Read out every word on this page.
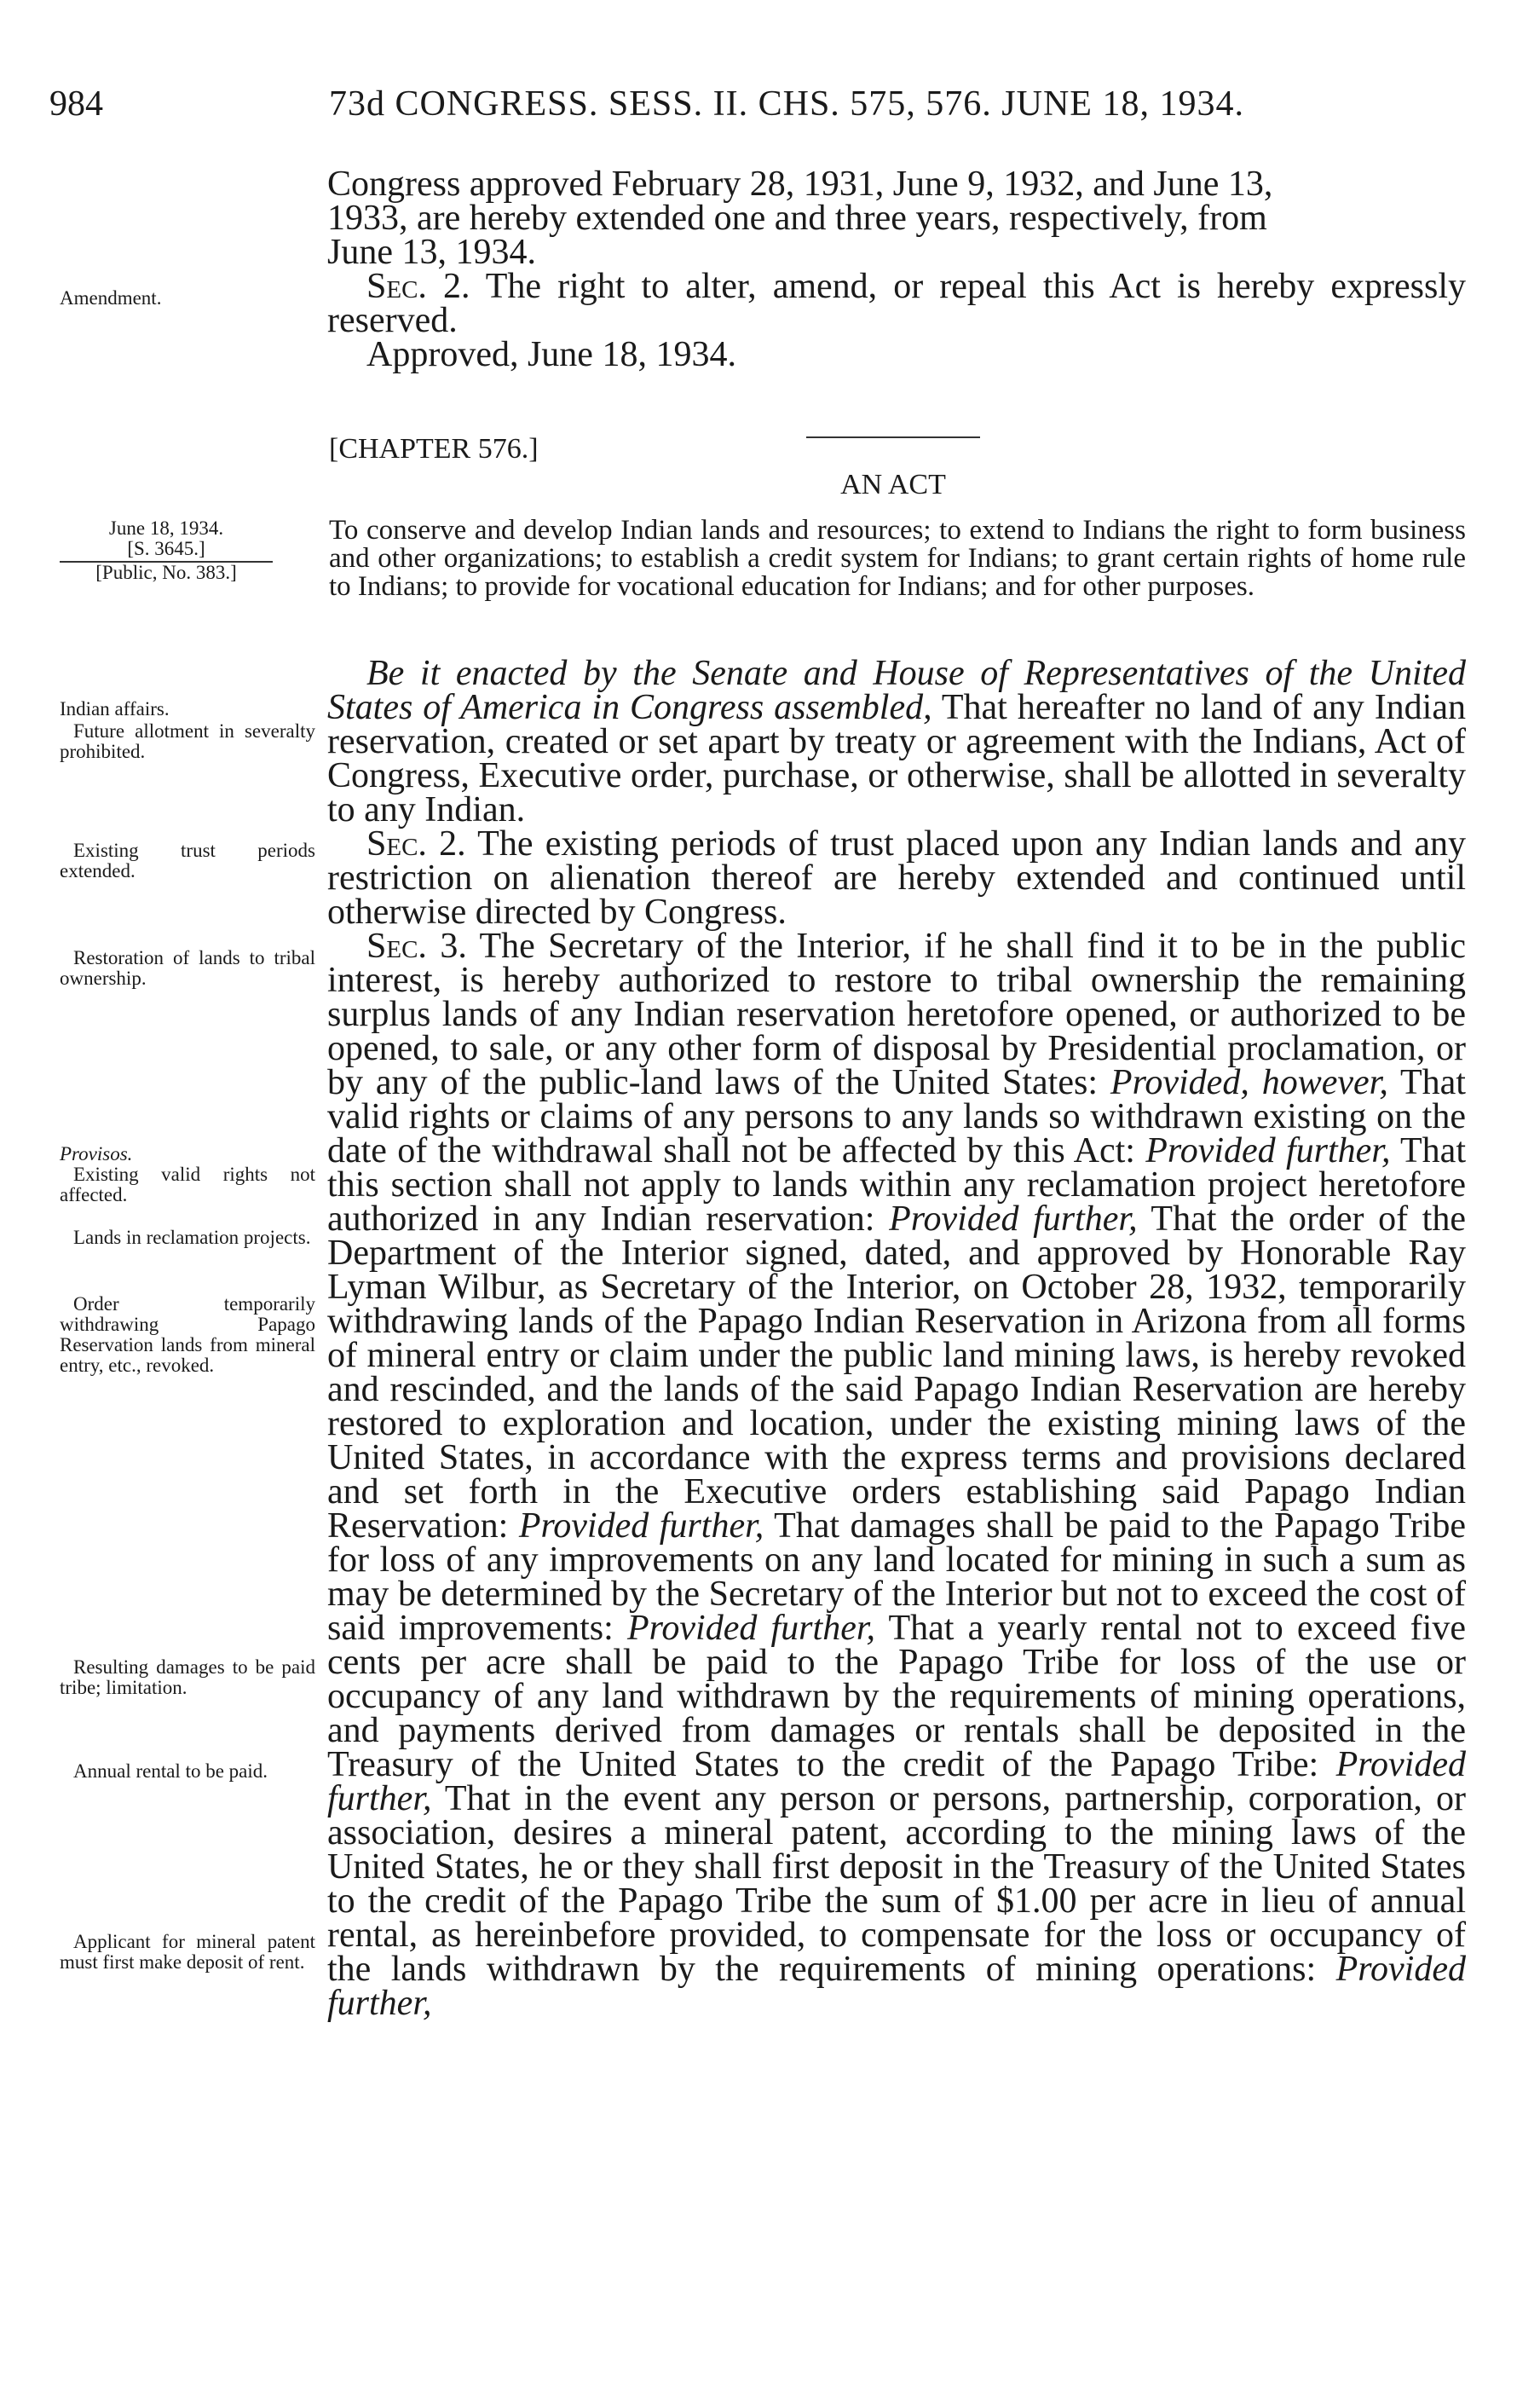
984	73d CONGRESS. SESS. II. CHS. 575, 576. JUNE 18, 1934.

Congress approved February 28, 1931, June 9, 1932, and June 13,

1933, are hereby extended one and three years, respectively, from

June 13, 1934.

Sec. 2. The right to alter, amend, or repeal this Act is hereby expressly reserved.

Approved, June 18, 1934.

Amendment.
[CHAPTER 576.]
AN ACT
June 18, 1934.
[S. 3645.]
[Public, No. 383.]
To conserve and develop Indian lands and resources; to extend to Indians the right to form business and other organizations; to establish a credit system for Indians; to grant certain rights of home rule to Indians; to provide for vocational education for Indians; and for other purposes.
Indian affairs.
Future allotment in severalty prohibited.
Existing trust periods extended.
Restoration of lands to tribal ownership.
Provisos.
Existing valid rights not affected.
Lands in reclamation projects.
Order temporarily withdrawing Papago Reservation lands from mineral entry, etc., revoked.
Resulting damages to be paid tribe; limitation.
Annual rental to be paid.
Applicant for mineral patent must first make deposit of rent.

Be it enacted by the Senate and House of Representatives of the United States of America in Congress assembled, That hereafter no land of any Indian reservation, created or set apart by treaty or agreement with the Indians, Act of Congress, Executive order, purchase, or otherwise, shall be allotted in severalty to any Indian.

Sec. 2. The existing periods of trust placed upon any Indian lands and any restriction on alienation thereof are hereby extended and continued until otherwise directed by Congress.

Sec. 3. The Secretary of the Interior, if he shall find it to be in the public interest, is hereby authorized to restore to tribal ownership the remaining surplus lands of any Indian reservation heretofore opened, or authorized to be opened, to sale, or any other form of disposal by Presidential proclamation, or by any of the public-land laws of the United States: Provided, however, That valid rights or claims of any persons to any lands so withdrawn existing on the date of the withdrawal shall not be affected by this Act: Provided further, That this section shall not apply to lands within any reclamation project heretofore authorized in any Indian reservation: Provided further, That the order of the Department of the Interior signed, dated, and approved by Honorable Ray Lyman Wilbur, as Secretary of the Interior, on October 28, 1932, temporarily withdrawing lands of the Papago Indian Reservation in Arizona from all forms of mineral entry or claim under the public land mining laws, is hereby revoked and rescinded, and the lands of the said Papago Indian Reservation are hereby restored to exploration and location, under the existing mining laws of the United States, in accordance with the express terms and provisions declared and set forth in the Executive orders establishing said Papago Indian Reservation: Provided further, That damages shall be paid to the Papago Tribe for loss of any improvements on any land located for mining in such a sum as may be determined by the Secretary of the Interior but not to exceed the cost of said improvements: Provided further, That a yearly rental not to exceed five cents per acre shall be paid to the Papago Tribe for loss of the use or occupancy of any land withdrawn by the requirements of mining operations, and payments derived from damages or rentals shall be deposited in the Treasury of the United States to the credit of the Papago Tribe: Provided further, That in the event any person or persons, partnership, corporation, or association, desires a mineral patent, according to the mining laws of the United States, he or they shall first deposit in the Treasury of the United States to the credit of the Papago Tribe the sum of $1.00 per acre in lieu of annual rental, as hereinbefore provided, to compensate for the loss or occupancy of the lands withdrawn by the requirements of mining operations: Provided further,
